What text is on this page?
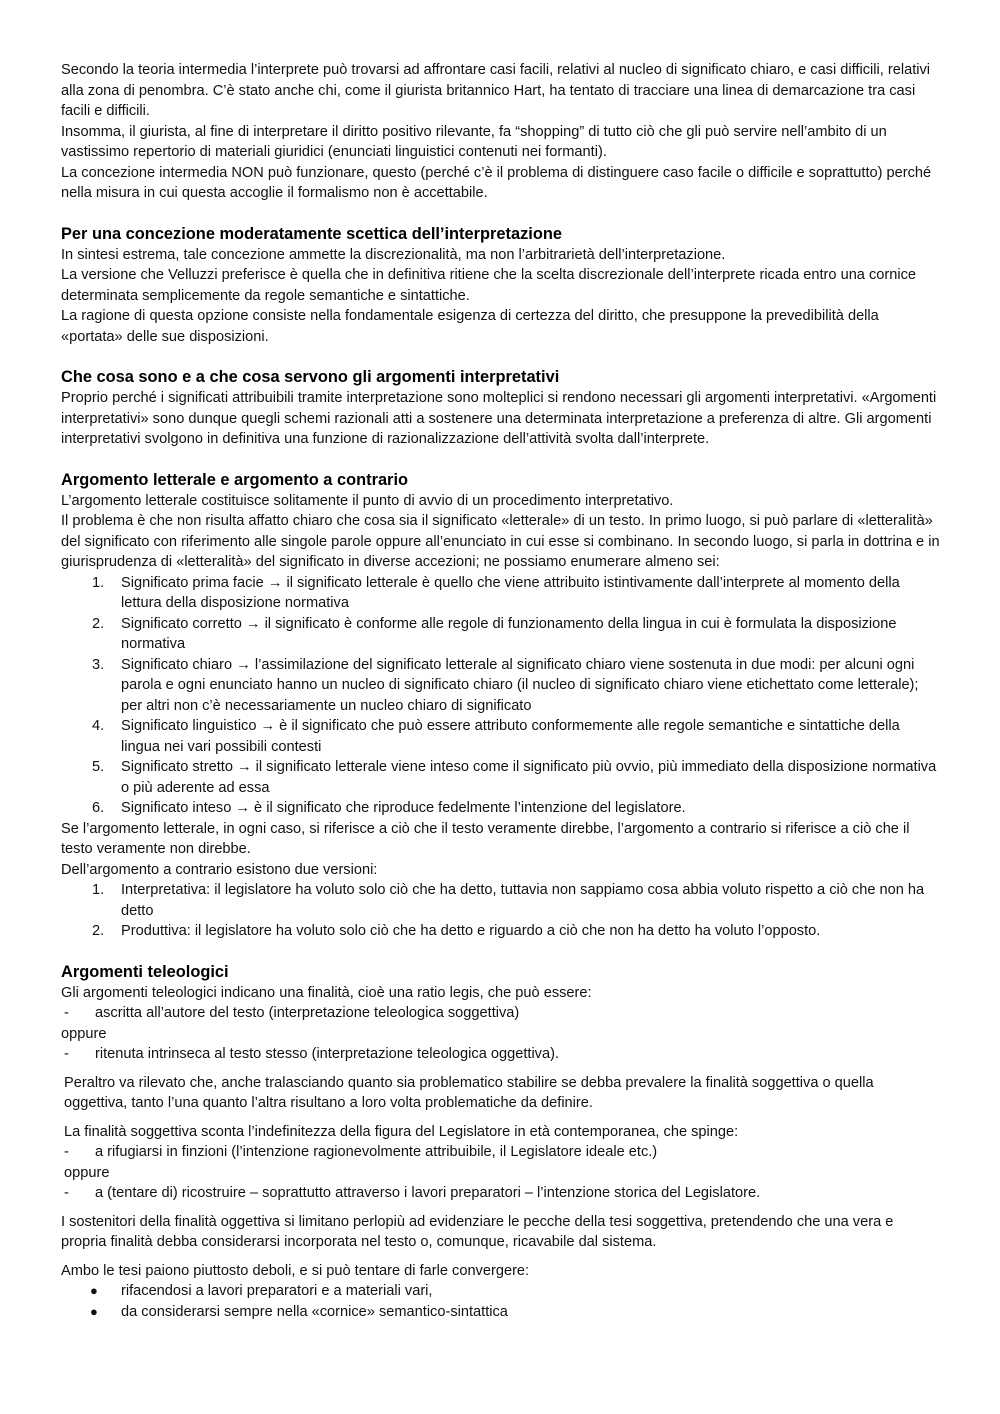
Secondo la teoria intermedia l’interprete può trovarsi ad affrontare casi facili, relativi al nucleo di significato chiaro, e casi difficili, relativi alla zona di penombra. C’è stato anche chi, come il giurista britannico Hart, ha tentato di tracciare una linea di demarcazione tra casi facili e difficili.

Insomma, il giurista, al fine di interpretare il diritto positivo rilevante, fa “shopping” di tutto ciò che gli può servire nell’ambito di un vastissimo repertorio di materiali giuridici (enunciati linguistici contenuti nei formanti).

La concezione intermedia NON può funzionare, questo (perché c’è il problema di distinguere caso facile o difficile e soprattutto) perché nella misura in cui questa accoglie il formalismo non è accettabile.

Per una concezione moderatamente scettica dell’interpretazione

In sintesi estrema, tale concezione ammette la discrezionalità, ma non l’arbitrarietà dell’interpretazione.

La versione che Velluzzi preferisce è quella che in definitiva ritiene che la scelta discrezionale dell’interprete ricada entro una cornice determinata semplicemente da regole semantiche e sintattiche.

La ragione di questa opzione consiste nella fondamentale esigenza di certezza del diritto, che presuppone la prevedibilità della «portata» delle sue disposizioni.

Che cosa sono e a che cosa servono gli argomenti interpretativi

Proprio perché i significati attribuibili tramite interpretazione sono molteplici si rendono necessari gli argomenti interpretativi. «Argomenti interpretativi» sono dunque quegli schemi razionali atti a sostenere una determinata interpretazione a preferenza di altre. Gli argomenti interpretativi svolgono in definitiva una funzione di razionalizzazione dell’attività svolta dall’interprete.

Argomento letterale e argomento a contrario

L’argomento letterale costituisce solitamente il punto di avvio di un procedimento interpretativo.

Il problema è che non risulta affatto chiaro che cosa sia il significato «letterale» di un testo. In primo luogo, si può parlare di «letteralità» del significato con riferimento alle singole parole oppure all’enunciato in cui esse si combinano. In secondo luogo, si parla in dottrina e in giurisprudenza di «letteralità» del significato in diverse accezioni; ne possiamo enumerare almeno sei:

1. Significato prima facie → il significato letterale è quello che viene attribuito istintivamente dall’interprete al momento della lettura della disposizione normativa
2. Significato corretto → il significato è conforme alle regole di funzionamento della lingua in cui è formulata la disposizione normativa
3. Significato chiaro → l’assimilazione del significato letterale al significato chiaro viene sostenuta in due modi: per alcuni ogni parola e ogni enunciato hanno un nucleo di significato chiaro (il nucleo di significato chiaro viene etichettato come letterale); per altri non c’è necessariamente un nucleo chiaro di significato
4. Significato linguistico → è il significato che può essere attributo conformemente alle regole semantiche e sintattiche della lingua nei vari possibili contesti
5. Significato stretto → il significato letterale viene inteso come il significato più ovvio, più immediato della disposizione normativa o più aderente ad essa
6. Significato inteso → è il significato che riproduce fedelmente l’intenzione del legislatore.

Se l’argomento letterale, in ogni caso, si riferisce a ciò che il testo veramente direbbe, l’argomento a contrario si riferisce a ciò che il testo veramente non direbbe.

Dell’argomento a contrario esistono due versioni:

1. Interpretativa: il legislatore ha voluto solo ciò che ha detto, tuttavia non sappiamo cosa abbia voluto rispetto a ciò che non ha detto
2. Produttiva: il legislatore ha voluto solo ciò che ha detto e riguardo a ciò che non ha detto ha voluto l’opposto.
Argomenti teleologici

Gli argomenti teleologici indicano una finalità, cioè una ratio legis, che può essere:

- ascritta all’autore del testo (interpretazione teleologica soggettiva)

oppure

- ritenuta intrinseca al testo stesso (interpretazione teleologica oggettiva).

Peraltro va rilevato che, anche tralasciando quanto sia problematico stabilire se debba prevalere la finalità soggettiva o quella oggettiva, tanto l’una quanto l’altra risultano a loro volta problematiche da definire.

La finalità soggettiva sconta l’indefinitezza della figura del Legislatore in età contemporanea, che spinge:

- a rifugiarsi in finzioni (l’intenzione ragionevolmente attribuibile, il Legislatore ideale etc.)

oppure

- a (tentare di) ricostruire – soprattutto attraverso i lavori preparatori – l’intenzione storica del Legislatore.

I sostenitori della finalità oggettiva si limitano perlopiù ad evidenziare le pecche della tesi soggettiva, pretendendo che una vera e propria finalità debba considerarsi incorporata nel testo o, comunque, ricavabile dal sistema.

Ambo le tesi paiono piuttosto deboli, e si può tentare di farle convergere:

● rifacendosi a lavori preparatori e a materiali vari,
● da considerarsi sempre nella «cornice» semantico-sintattica
